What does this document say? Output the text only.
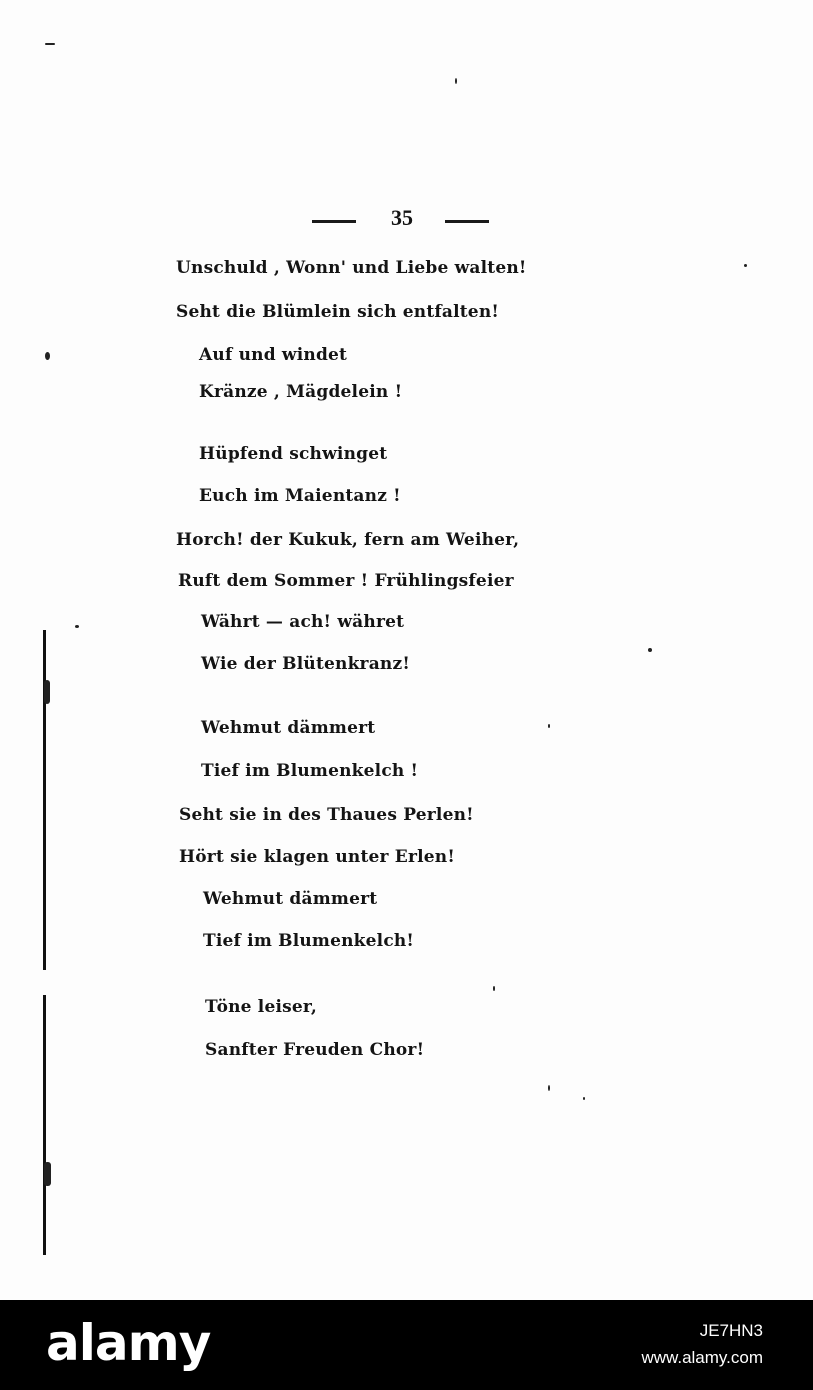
35
Unschuld , Wonn' und Liebe walten!
Seht die Blümlein sich entfalten!
Auf und windet
Kränze , Mägdelein !
Hüpfend schwinget
Euch im Maientanz !
Horch! der Kukuk, fern am Weiher,
Ruft dem Sommer ! Frühlingsfeier
Währt — ach! währet
Wie der Blütenkranz!
Wehmut dämmert
Tief im Blumenkelch !
Seht sie in des Thaues Perlen!
Hört sie klagen unter Erlen!
Wehmut dämmert
Tief im Blumenkelch!
Töne leiser,
Sanfter Freuden Chor!
alamy	JE7HN3
www.alamy.com
